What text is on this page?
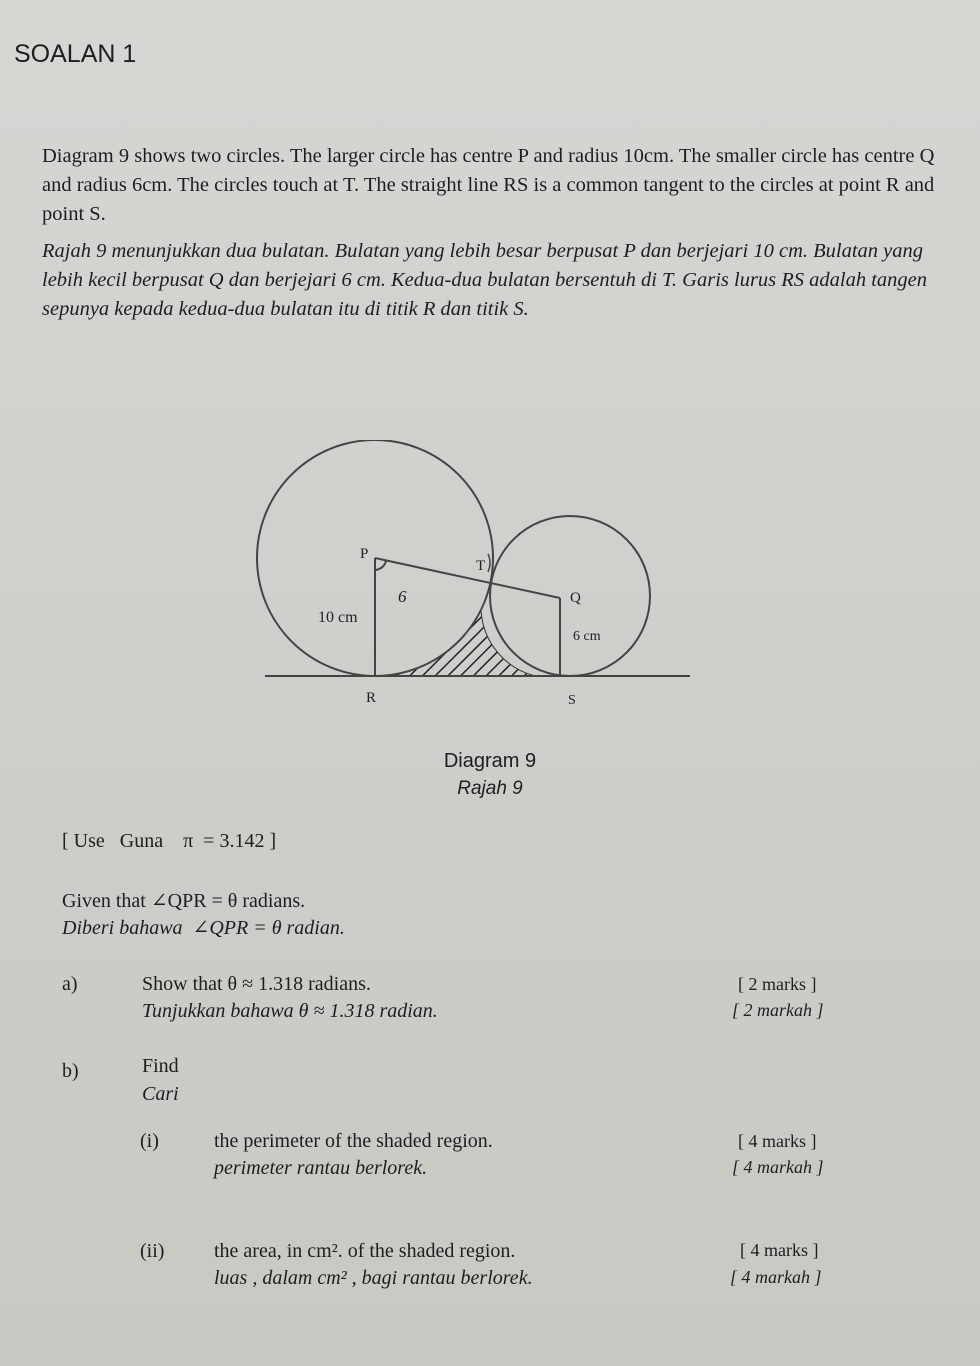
SOALAN 1
Diagram 9 shows two circles. The larger circle has centre P and radius 10cm. The smaller circle has centre Q and radius 6cm. The circles touch at T. The straight line RS is a common tangent to the circles at point R and point S.
Rajah 9 menunjukkan dua bulatan. Bulatan yang lebih besar berpusat P dan berjejari 10 cm. Bulatan yang lebih kecil berpusat Q dan berjejari 6 cm. Kedua-dua bulatan bersentuh di T. Garis lurus RS adalah tangen sepunya kepada kedua-dua bulatan itu di titik R dan titik S.
P
T
Q
6
10 cm
6 cm
R	S
Diagram 9
Rajah 9
[ Use   Guna    π  = 3.142 ]
Given that ∠QPR = θ radians.
Diberi bahawa  ∠QPR = θ radian.
a)	Show that θ ≈ 1.318 radians.
Tunjukkan bahawa θ ≈ 1.318 radian.
[ 2 marks ]
[ 2 markah ]
b)	Find
Cari
(i)	the perimeter of the shaded region.
perimeter rantau berlorek.
[ 4 marks ]
[ 4 markah ]
(ii) the area, in cm². of the shaded region.
luas , dalam cm² , bagi rantau berlorek.
[ 4 marks ]
[ 4 markah ]
